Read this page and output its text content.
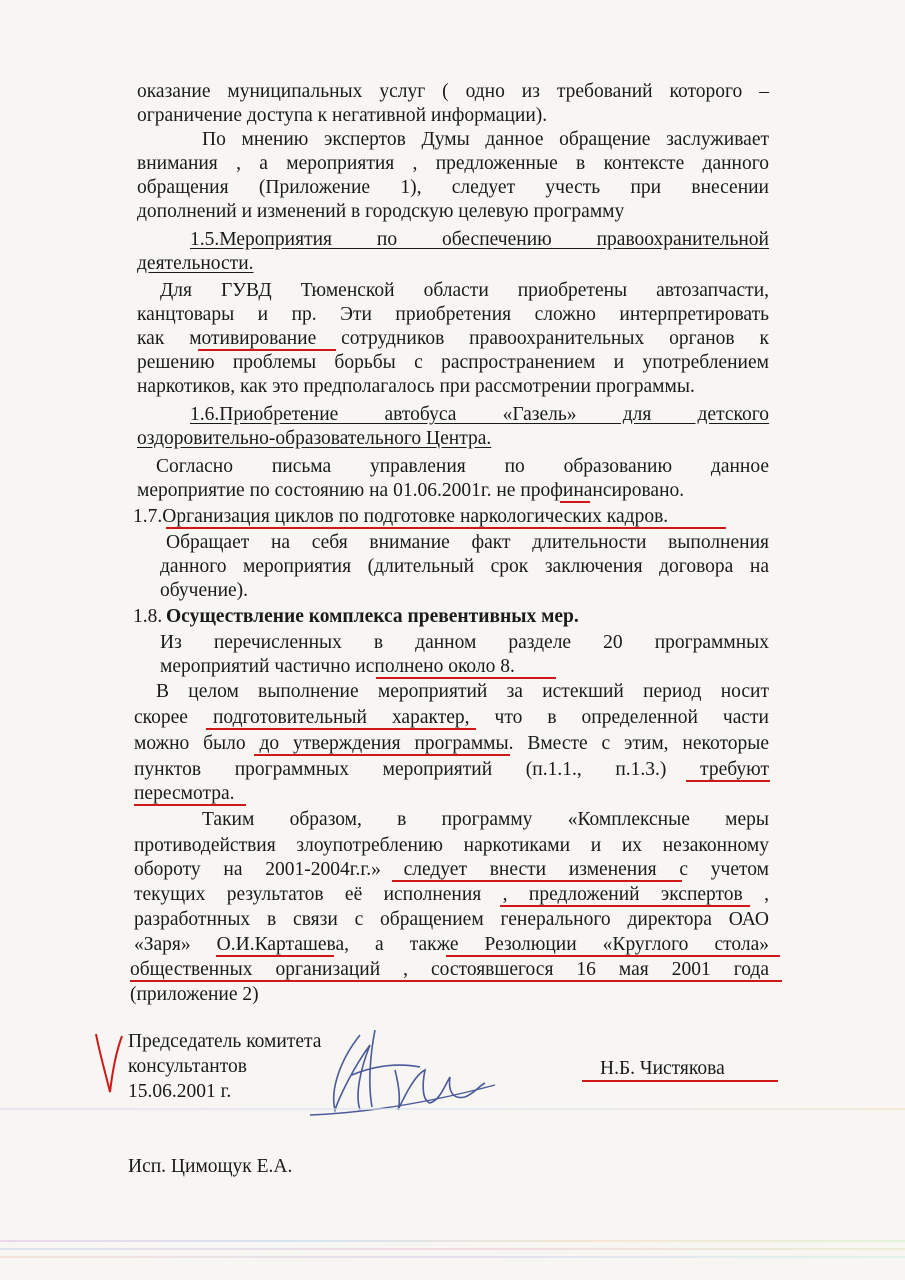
оказание муниципальных услуг ( одно из требований которого –
ограничение доступа к негативной информации).
По мнению экспертов Думы данное обращение заслуживает
внимания , а мероприятия , предложенные в контексте данного
обращения (Приложение 1), следует учесть при внесении
дополнений и изменений в городскую целевую программу
1.5.Мероприятия по обеспечению правоохранительной
деятельности.
Для ГУВД Тюменской области приобретены автозапчасти,
канцтовары и пр. Эти приобретения сложно интерпретировать
как мотивирование сотрудников правоохранительных органов к
решению проблемы борьбы с распространением и употреблением
наркотиков, как это предполагалось при рассмотрении программы.
1.6.Приобретение автобуса «Газель» для детского
оздоровительно-образовательного Центра.
Согласно письма управления по образованию данное
мероприятие по состоянию на 01.06.2001г. не профинансировано.
1.7.Организация циклов по подготовке наркологических кадров.
Обращает на себя внимание факт длительности выполнения
данного мероприятия (длительный срок заключения договора на
обучение).
1.8. Осуществление комплекса превентивных мер.
Из перечисленных в данном разделе 20 программных
мероприятий частично исполнено около 8.
В целом выполнение мероприятий за истекший период носит
скорее подготовительный характер, что в определенной части
можно было до утверждения программы. Вместе с этим, некоторые
пунктов программных мероприятий (п.1.1., п.1.3.) требуют
пересмотра.
Таким образом, в программу «Комплексные меры
противодействия злоупотреблению наркотиками и их незаконному
обороту на 2001-2004г.г.» следует внести изменения с учетом
текущих результатов её исполнения , предложений экспертов ,
разработнных в связи с обращением генерального директора ОАО
«Заря» О.И.Карташева, а также Резолюции «Круглого стола»
общественных организаций , состоявшегося 16 мая 2001 года
(приложение 2)
Председатель комитета
консультантов
15.06.2001 г.
Н.Б. Чистякова
Исп. Цимощук Е.А.
